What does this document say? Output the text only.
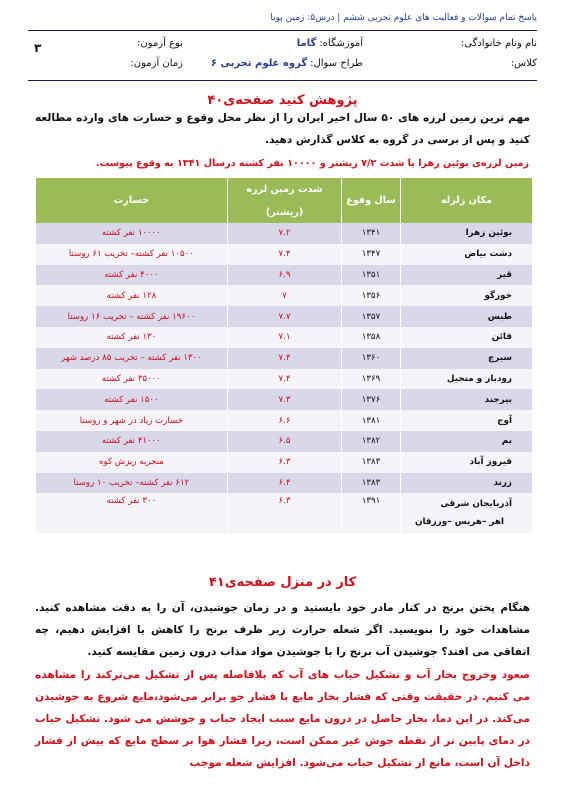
پاسخ تمام سوالات و فعالیت های علوم تجربی ششم | درس۵: زمین پویا
نام ونام خانوادگی:
آموزشگاه:گاما
نوع آزمون:
۳
کلاس:
طراح سوال:گروه علوم تجربی ۶
زمان آزمون:
پژوهش کنید صفحه‌ی۴۰
مهم ترین زمین لرزه های ۵۰ سال اخیر ایران را از نظر محل وقوع و خسارت های وارده مطالعه کنید و پس از برسی در گروه به کلاس گذارش دهید.
زمین لرزه‌ی بوئین زهرا با شدت ۷/۲ ریشتر و ۱۰۰۰۰ نفر کشته درسال ۱۳۴۱ به وقوع پیوست.
مکان زلزله	سال وقوع	شدت زمین لرزه	خسارت
		(ریشتر)	
بوئین زهرا	۱۳۴۱	۷.۲	۱۰۰۰۰ نفر کشته
دشت بیاض	۱۳۴۷	۷.۴	۱۰۵۰۰ نفر کشته– تخریب ۶۱ روستا
قیر	۱۳۵۱	۶.۹	۴۰۰۰ نفر کشته
خورگو	۱۳۵۶	۷	۱۲۸ نفر کشته
طبس	۱۳۵۷	۷.۷	۱۹۶۰۰ نفر کشته – تخریب ۱۶ روستا
قائن	۱۳۵۸	۷.۱	۱۳۰ نفر کشته
سیرچ	۱۳۶۰	۷.۴	۱۳۰۰ نفر کشته – تخریب ۸۵ درصد شهر
رودبار و منجیل	۱۳۶۹	۷.۴	۳۵۰۰۰ نفر کشته
بیرجند	۱۳۷۶	۷.۳	۱۵۰۰ نفر کشته
آوج	۱۳۸۱	۶.۶	خسارت زیاد در شهر و روستا
بم	۱۳۸۲	۶.۵	۴۱۰۰۰ نفر کشته
فیروز آباد	۱۳۸۳	۶.۳	منجربه ریزش کوه
زرند	۱۳۸۳	۶.۴	۶۱۲ نفر کشته– تخریب ۱۰ روستا

آذربایجان شرقی
اهر –هریس –ورزقان	۱۳۹۱	۶.۳	۳۰۰ نفر کشته
کار در منزل صفحه‌ی۴۱
هنگام پختن برنج در کنار مادر خود بایستید و در زمان جوشیدن، آن را به دقت مشاهده کنید. مشاهدات خود را بنویسید. اگر شعله حرارت زیر ظرف برنج را کاهش یا افزایش دهیم، چه اتفاقی می افتد؟ جوشیدن آب برنج را با جوشیدن مواد مذاب درون زمین مقایسه کنید.
صعود وخروج بخار آب و تشکیل حباب های آب که بلافاصله پس از تشکیل می‌ترکند را مشاهده می کنیم. در حقیقت وقتی که فشار بخار مایع با فشار جو برابر می‌شود،مایع شروع به جوشیدن می‌کند. در این دما، بخار حاصل در درون مایع سبب ایجاد حباب و جوشش می شود. تشکیل حباب در دمای پایین تر از نقطه جوش غیر ممکن است، زیرا فشار هوا بر سطح مایع که بیش از فشار داخل آن است، مانع از تشکیل حباب می‌شود. افزایش شعله موجب
